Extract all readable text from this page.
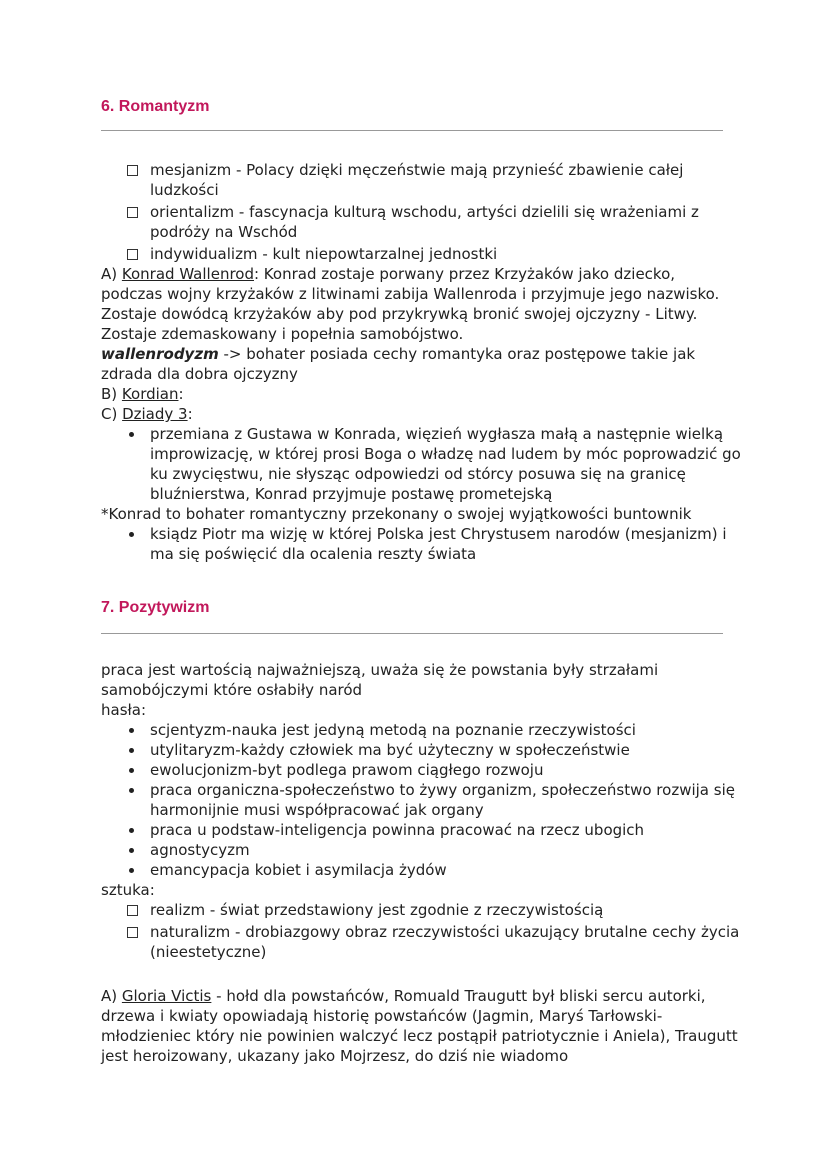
6. Romantyzm
mesjanizm - Polacy dzięki męczeństwie mają przynieść zbawienie całej ludzkości
orientalizm - fascynacja kulturą wschodu, artyści dzielili się wrażeniami z podróży na Wschód
indywidualizm - kult niepowtarzalnej jednostki

A) Konrad Wallenrod: Konrad zostaje porwany przez Krzyżaków jako dziecko, podczas wojny krzyżaków z litwinami zabija Wallenroda i przyjmuje jego nazwisko. Zostaje dowódcą krzyżaków aby pod przykrywką bronić swojej ojczyzny - Litwy. Zostaje zdemaskowany i popełnia samobójstwo.

wallenrodyzm -> bohater posiada cechy romantyka oraz postępowe takie jak zdrada dla dobra ojczyzny

B) Kordian:

C) Dziady 3:

przemiana z Gustawa w Konrada, więzień wygłasza małą a następnie wielką improwizację, w której prosi Boga o władzę nad ludem by móc poprowadzić go ku zwycięstwu, nie słysząc odpowiedzi od stórcy posuwa się na granicę bluźnierstwa, Konrad przyjmuje postawę prometejską

*Konrad to bohater romantyczny przekonany o swojej wyjątkowości buntownik

ksiądz Piotr ma wizję w której Polska jest Chrystusem narodów (mesjanizm) i ma się poświęcić dla ocalenia reszty świata
7. Pozytywizm

praca jest wartością najważniejszą, uważa się że powstania były strzałami samobójczymi które osłabiły naród

hasła:

scjentyzm-nauka jest jedyną metodą na poznanie rzeczywistości
utylitaryzm-każdy człowiek ma być użyteczny w społeczeństwie
ewolucjonizm-byt podlega prawom ciągłego rozwoju
praca organiczna-społeczeństwo to żywy organizm, społeczeństwo rozwija się harmonijnie musi współpracować jak organy
praca u podstaw-inteligencja powinna pracować na rzecz ubogich
agnostycyzm
emancypacja kobiet i asymilacja żydów

sztuka:

realizm - świat przedstawiony jest zgodnie z rzeczywistością
naturalizm - drobiazgowy obraz rzeczywistości ukazujący brutalne cechy życia (nieestetyczne)

A) Gloria Victis - hołd dla powstańców, Romuald Traugutt był bliski sercu autorki, drzewa i kwiaty opowiadają historię powstańców (Jagmin, Maryś Tarłowski-młodzieniec który nie powinien walczyć lecz postąpił patriotycznie i Aniela), Traugutt jest heroizowany, ukazany jako Mojrzesz, do dziś nie wiadomo
